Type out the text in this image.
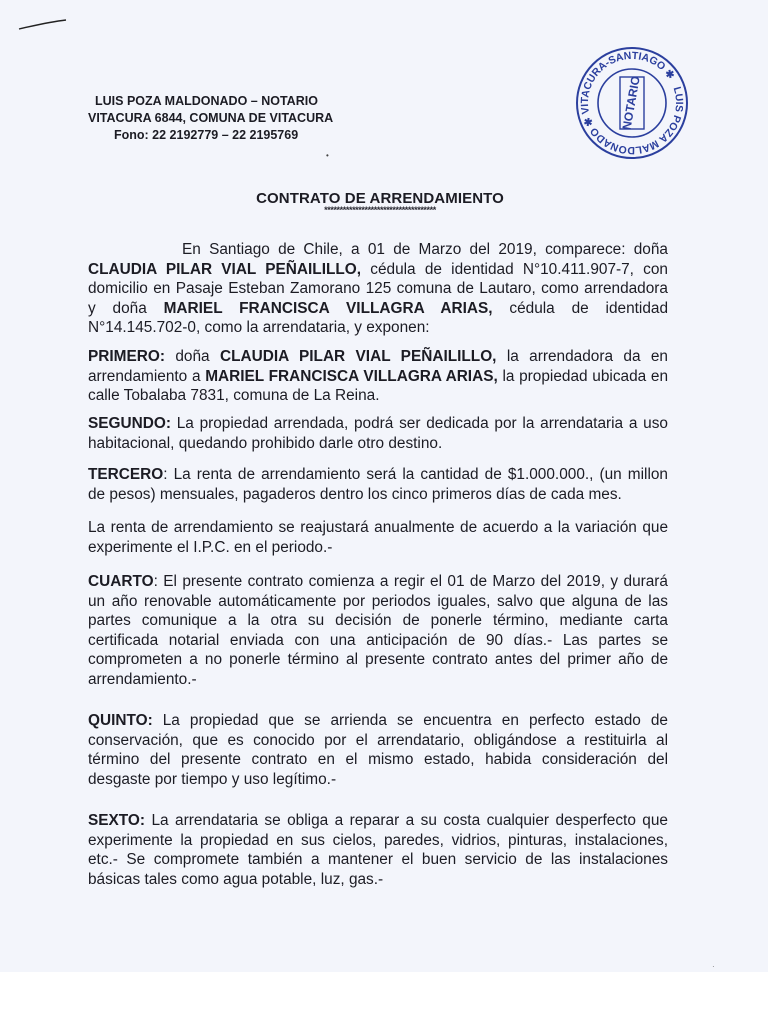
LUIS POZA MALDONADO – NOTARIO
VITACURA 6844, COMUNA DE VITACURA
Fono: 22 2192779 – 22 2195769
•
LUIS POZA MALDONADO ✱ VITACURA-SANTIAGO ✱
NOTARIO
CONTRATO DE ARRENDAMIENTO
************************************
En Santiago de Chile, a 01 de Marzo del 2019, comparece: doña CLAUDIA PILAR VIAL PEÑAILILLO, cédula de identidad N°10.411.907-7, con domicilio en Pasaje Esteban Zamorano 125 comuna de Lautaro, como arrendadora y doña MARIEL FRANCISCA VILLAGRA ARIAS, cédula de identidad N°14.145.702-0, como la arrendataria, y exponen:
PRIMERO: doña CLAUDIA PILAR VIAL PEÑAILILLO, la arrendadora da en arrendamiento a MARIEL FRANCISCA VILLAGRA ARIAS, la propiedad ubicada en calle Tobalaba 7831, comuna de La Reina.
SEGUNDO: La propiedad arrendada, podrá ser dedicada por la arrendataria a uso habitacional, quedando prohibido darle otro destino.
TERCERO: La renta de arrendamiento será la cantidad de $1.000.000., (un millon de pesos) mensuales, pagaderos dentro los cinco primeros días de cada mes.
La renta de arrendamiento se reajustará anualmente de acuerdo a la variación que experimente el I.P.C. en el periodo.-
CUARTO: El presente contrato comienza a regir el 01 de Marzo del 2019, y durará un año renovable automáticamente por periodos iguales, salvo que alguna de las partes comunique a la otra su decisión de ponerle término, mediante carta certificada notarial enviada con una anticipación de 90 días.- Las partes se comprometen a no ponerle término al presente contrato antes del primer año de arrendamiento.-
QUINTO: La propiedad que se arrienda se encuentra en perfecto estado de conservación, que es conocido por el arrendatario, obligándose a restituirla al término del presente contrato en el mismo estado, habida consideración del desgaste por tiempo y uso legítimo.-
SEXTO: La arrendataria se obliga a reparar a su costa cualquier desperfecto que experimente la propiedad en sus cielos, paredes, vidrios, pinturas, instalaciones, etc.- Se compromete también a mantener el buen servicio de las instalaciones básicas tales como agua potable, luz, gas.-
·
